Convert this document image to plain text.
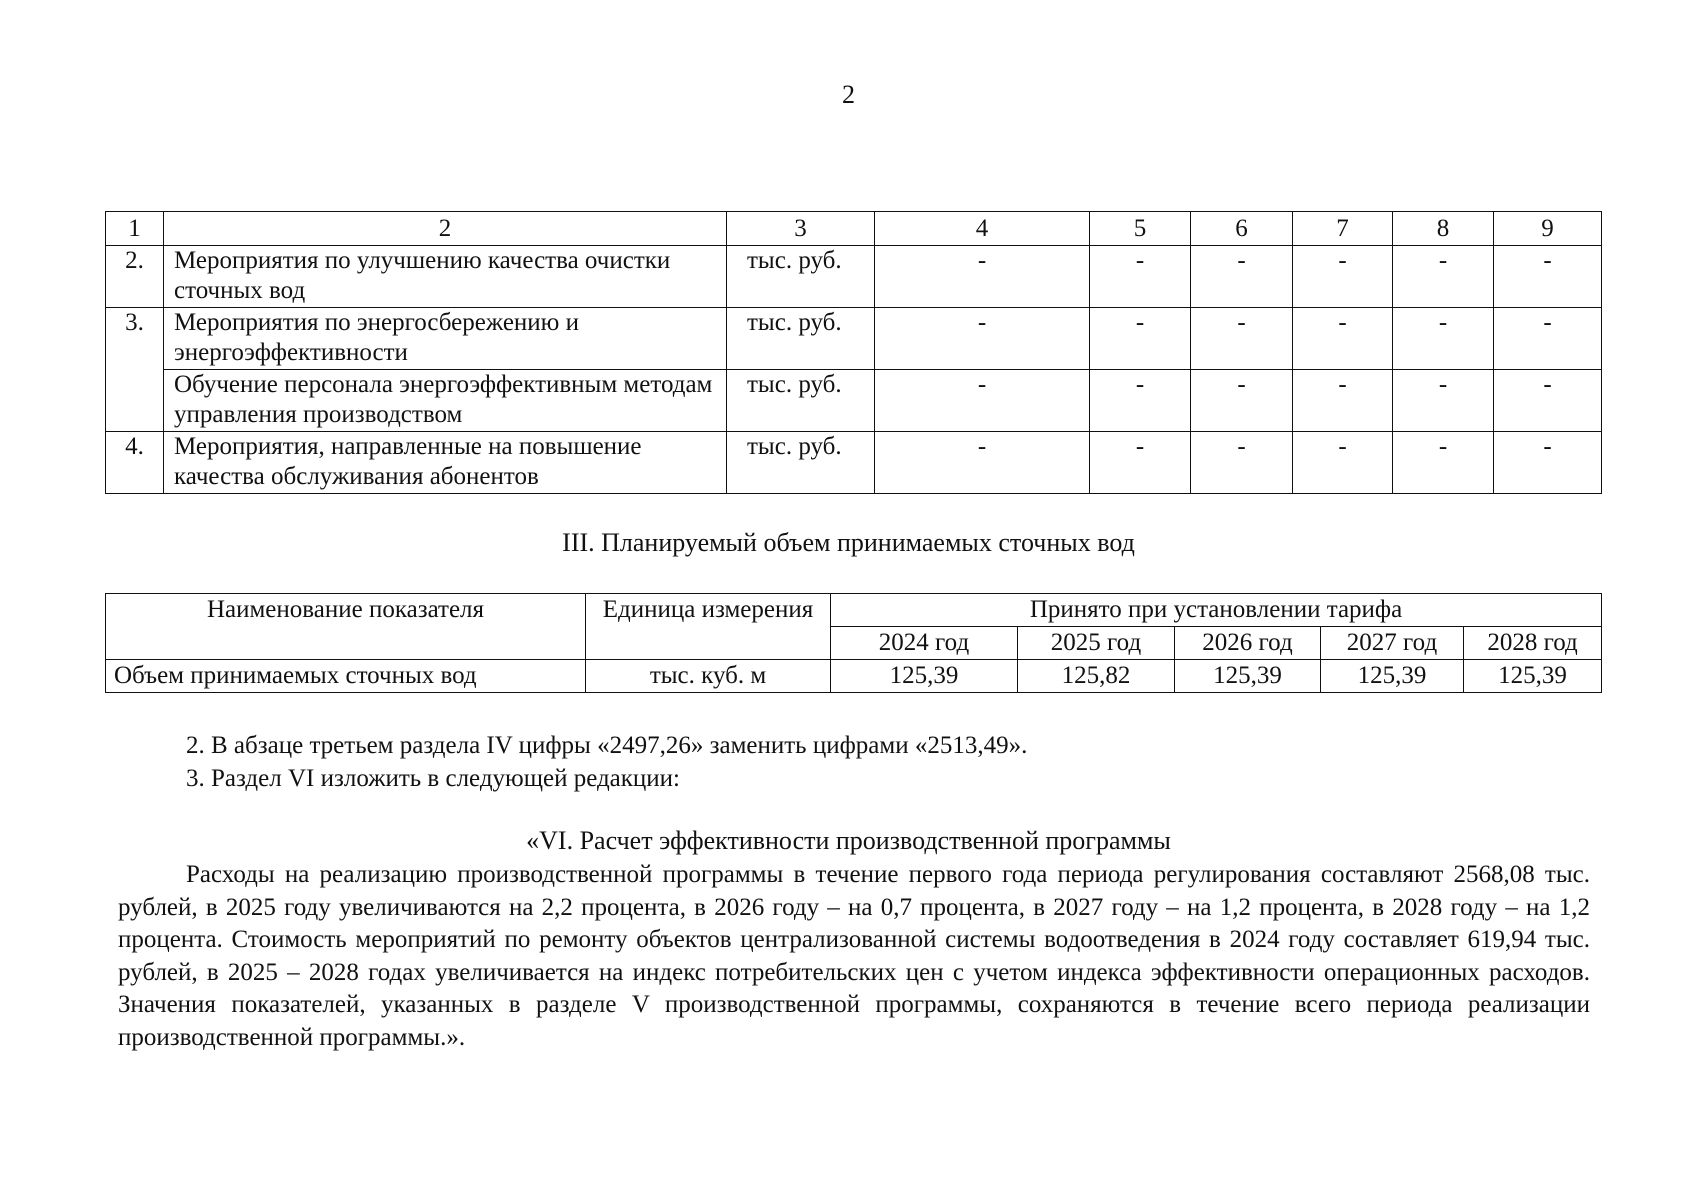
2
1	2	3	4	5	6	7	8	9
2.	Мероприятия по улучшению качества очистки сточных вод	тыс. руб.	-	-	-	-	-	-
3.	Мероприятия по энергосбережению и энергоэффективности	тыс. руб.	-	-	-	-	-	-
	Обучение персонала энергоэффективным методам управления производством	тыс. руб.	-	-	-	-	-	-
4.	Мероприятия, направленные на повышение качества обслуживания абонентов	тыс. руб.	-	-	-	-	-	-
III. Планируемый объем принимаемых сточных вод
Наименование показателя	Единица измерения	Принято при установлении тарифа				
		2024 год	2025 год	2026 год	2027 год	2028 год
Объем принимаемых сточных вод	тыс. куб. м	125,39	125,82	125,39	125,39	125,39
2. В абзаце третьем раздела IV цифры «2497,26» заменить цифрами «2513,49».
3. Раздел VI изложить в следующей редакции:
«VI. Расчет эффективности производственной программы
Расходы на реализацию производственной программы в течение первого года периода регулирования составляют 2568,08 тыс. рублей, в 2025 году увеличиваются на 2,2 процента, в 2026 году – на 0,7 процента, в 2027 году – на 1,2 процента, в 2028 году – на 1,2 процента. Стоимость мероприятий по ремонту объектов централизованной системы водоотведения в 2024 году составляет 619,94 тыс. рублей, в 2025 – 2028 годах увеличивается на индекс потребительских цен с учетом индекса эффективности операционных расходов. Значения показателей, указанных в разделе V производственной программы, сохраняются в течение всего периода реализации производственной программы.».
